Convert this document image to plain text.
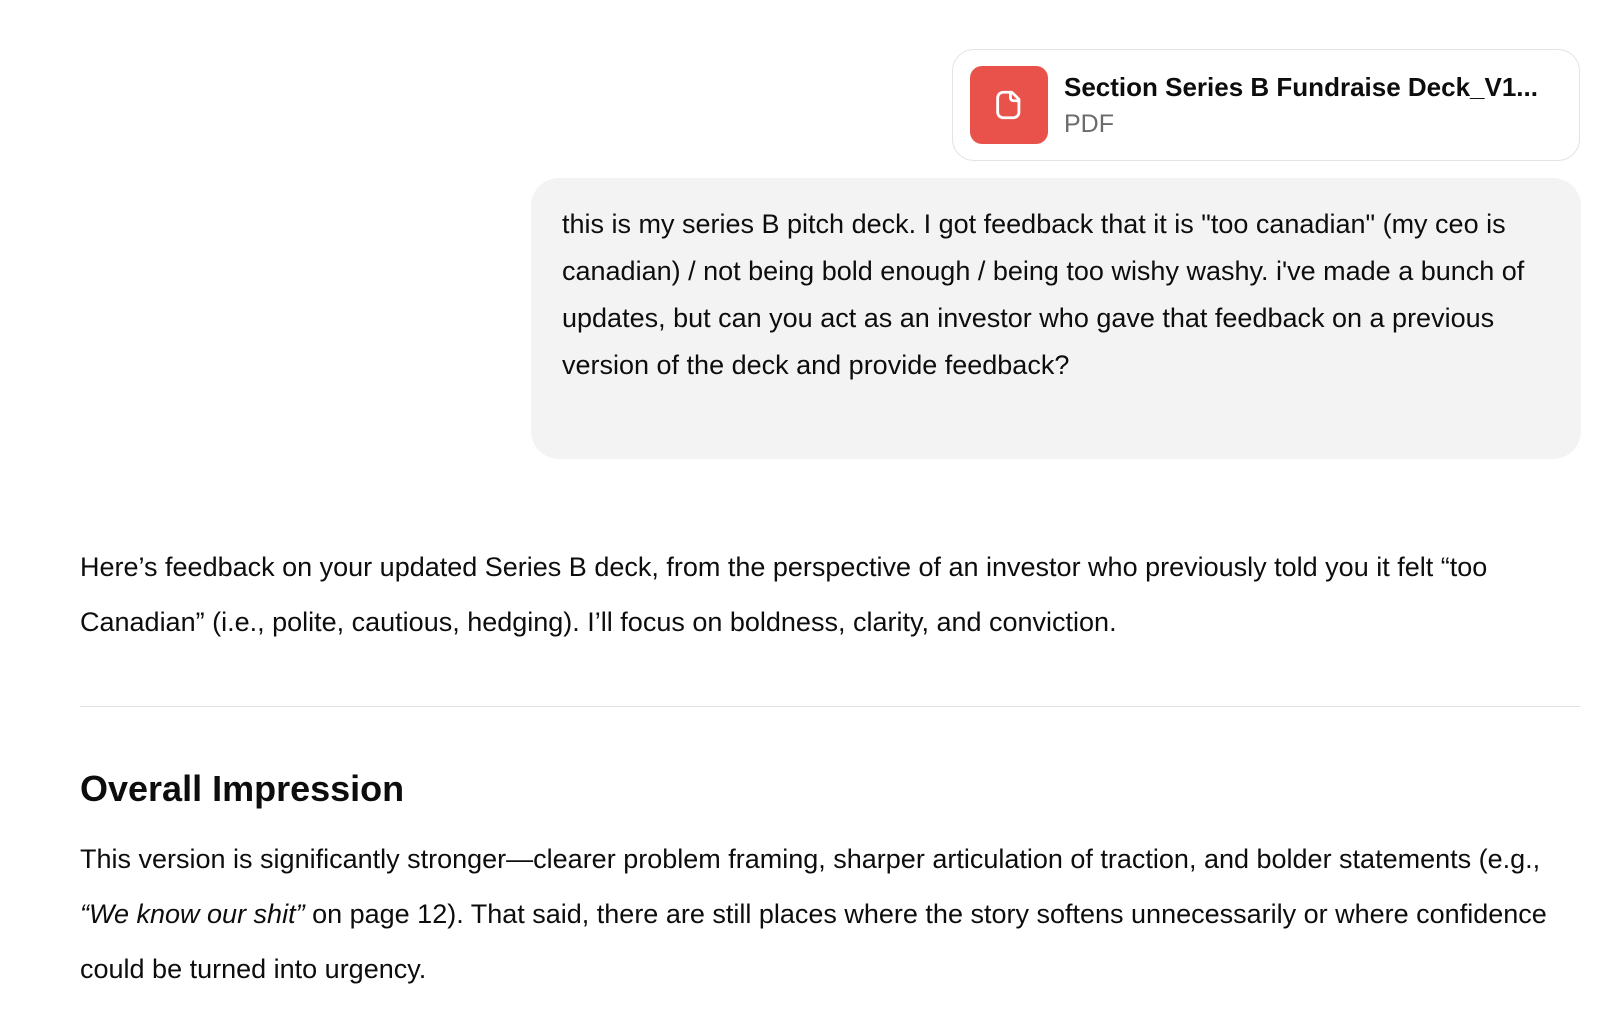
Section Series B Fundraise Deck_V1...
PDF
this is my series B pitch deck. I got feedback that it is "too canadian" (my ceo is canadian) / not being bold enough / being too wishy washy. i've made a bunch of updates, but can you act as an investor who gave that feedback on a previous version of the deck and provide feedback?

Here’s feedback on your updated Series B deck, from the perspective of an investor who previously told you it felt “too Canadian” (i.e., polite, cautious, hedging). I’ll focus on boldness, clarity, and conviction.

Overall Impression

This version is significantly stronger—clearer problem framing, sharper articulation of traction, and bolder statements (e.g., “We know our shit” on page 12). That said, there are still places where the story softens unnecessarily or where confidence could be turned into urgency.
